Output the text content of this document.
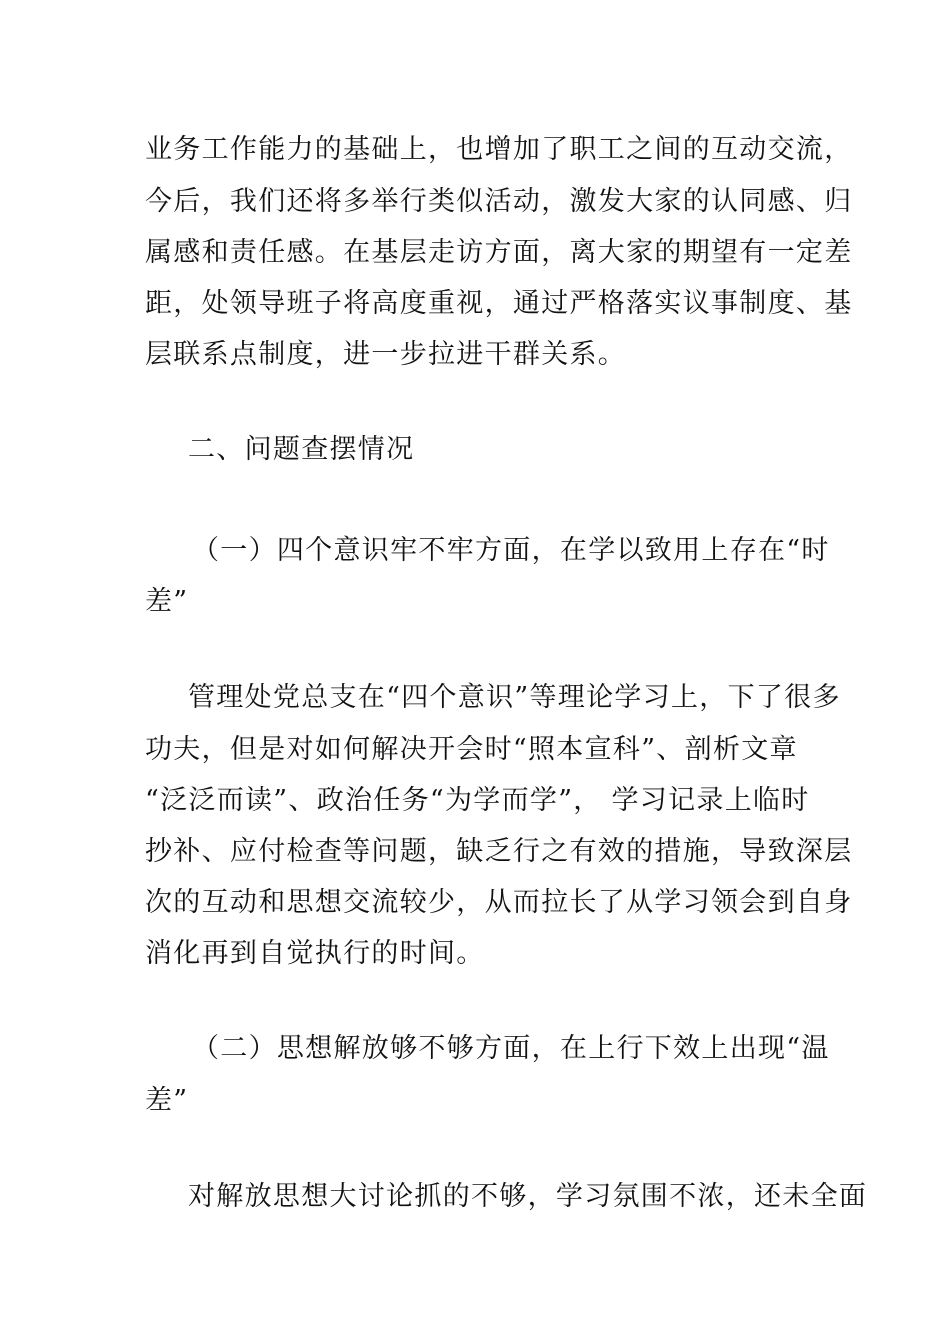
业务工作能力的基础上，也增加了职工之间的互动交流，
今后，我们还将多举行类似活动，激发大家的认同感、归
属感和责任感。在基层走访方面，离大家的期望有一定差
距，处领导班子将高度重视，通过严格落实议事制度、基
层联系点制度，进一步拉进干群关系。
二、问题查摆情况
（一）四个意识牢不牢方面，在学以致用上存在“时
差”
管理处党总支在“四个意识”等理论学习上，下了很多
功夫，但是对如何解决开会时“照本宣科”、剖析文章
“泛泛而读”、政治任务“为学而学”， 学习记录上临时
抄补、应付检查等问题，缺乏行之有效的措施，导致深层
次的互动和思想交流较少，从而拉长了从学习领会到自身
消化再到自觉执行的时间。
（二）思想解放够不够方面，在上行下效上出现“温
差”
对解放思想大讨论抓的不够，学习氛围不浓，还未全面
